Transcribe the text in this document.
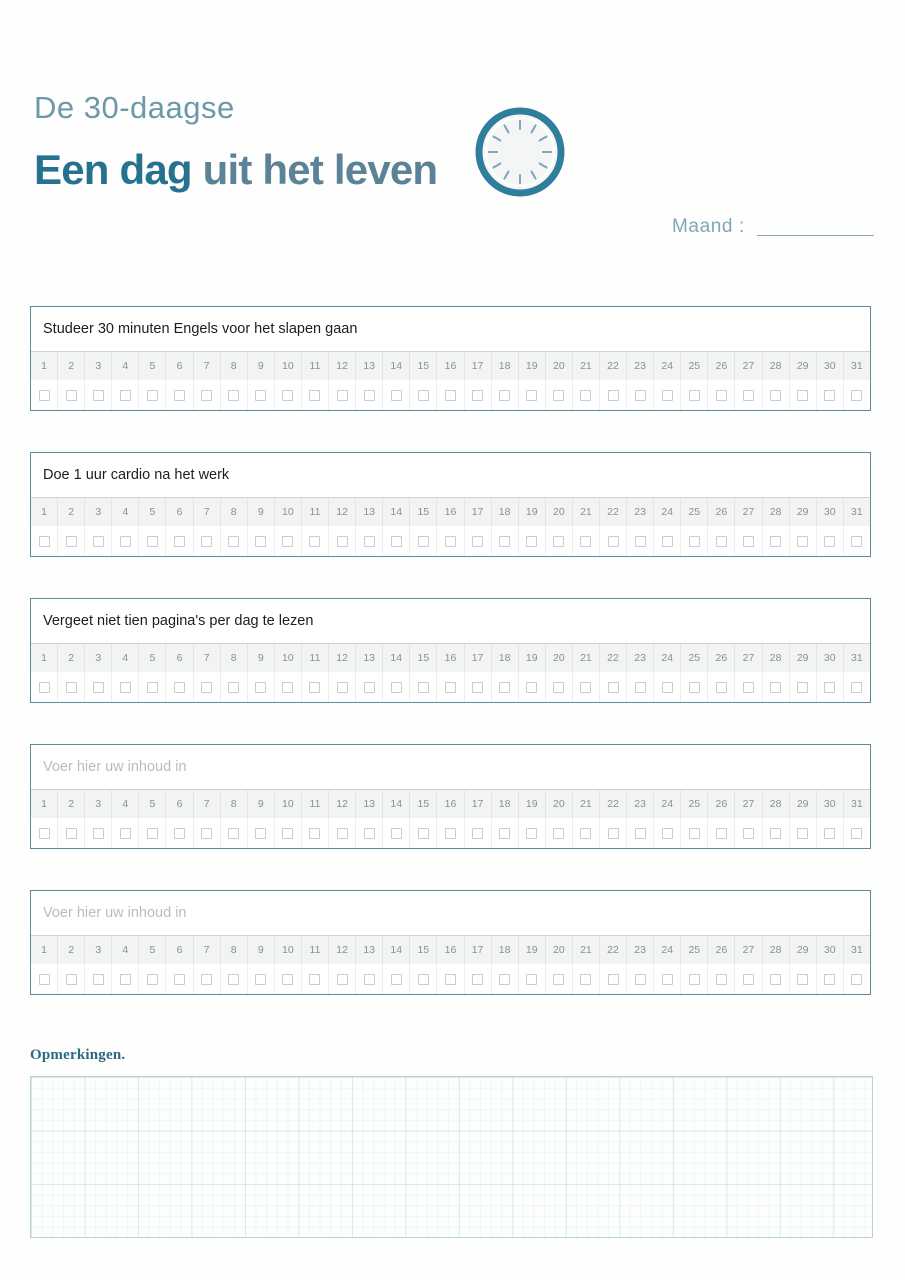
De 30-daagse
Een dag uit het leven
Maand :
Studeer 30 minuten Engels voor het slapen gaan
1	2	3	4	5	6	7	8	9	10	11	12	13	14	15	16	17	18	19	20	21	22	23	24	25	26	27	28	29	30	31
Doe 1 uur cardio na het werk
1	2	3	4	5	6	7	8	9	10	11	12	13	14	15	16	17	18	19	20	21	22	23	24	25	26	27	28	29	30	31
Vergeet niet tien pagina's per dag te lezen
1	2	3	4	5	6	7	8	9	10	11	12	13	14	15	16	17	18	19	20	21	22	23	24	25	26	27	28	29	30	31
Voer hier uw inhoud in
1	2	3	4	5	6	7	8	9	10	11	12	13	14	15	16	17	18	19	20	21	22	23	24	25	26	27	28	29	30	31
Voer hier uw inhoud in
1	2	3	4	5	6	7	8	9	10	11	12	13	14	15	16	17	18	19	20	21	22	23	24	25	26	27	28	29	30	31
Opmerkingen.
